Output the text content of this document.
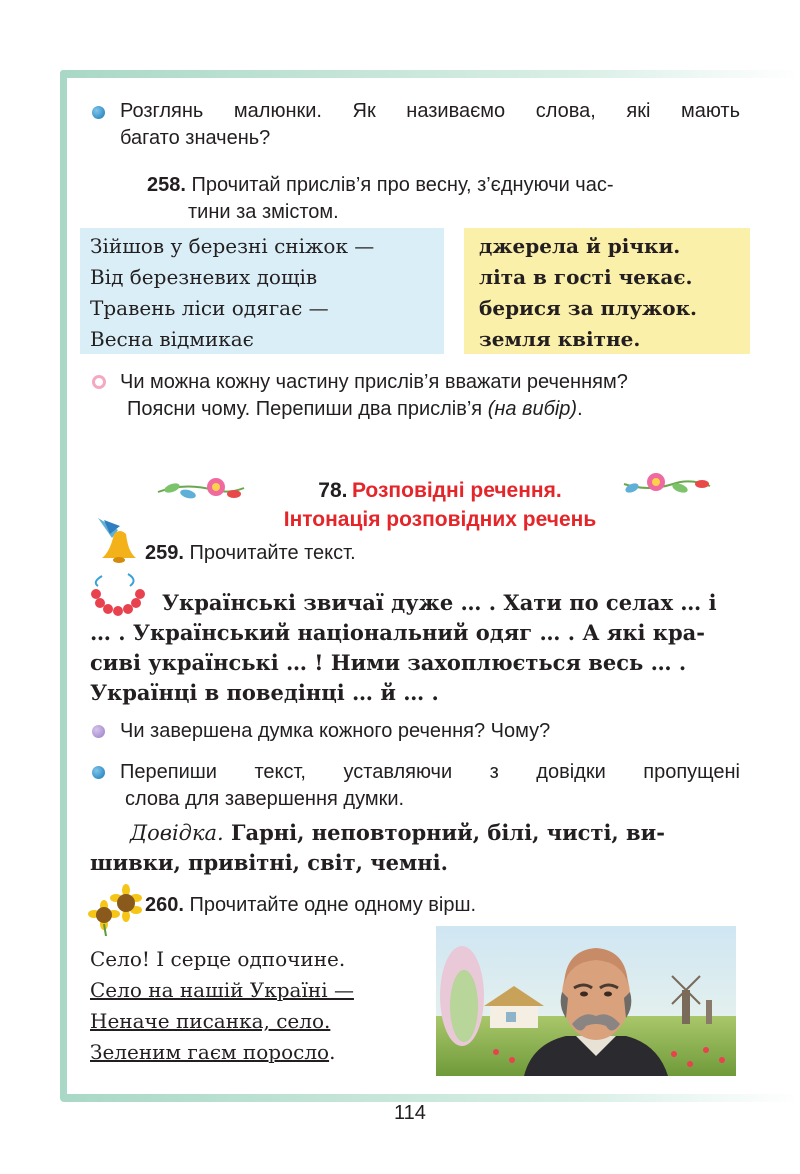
Розглянь малюнки. Як називаємо слова, які мають
багато значень?
258. Прочитай прислів’я про весну, з’єднуючи час-
тини за змістом.
Зійшов у березні сніжок —
Від березневих дощів
Травень ліси одягає —
Весна відмикає
джерела й річки.
літа в гості чекає.
берися за плужок.
земля квітне.
Чи можна кожну частину прислів’я вважати реченням?
Поясни чому. Перепиши два прислів’я (на вибір).
78. Розповідні речення.
Інтонація розповідних речень
259. Прочитайте текст.
Українські звичаї дуже … . Хати по селах … і
… . Український національний одяг … . А які кра-
сиві українські … ! Ними захоплюється весь … .
Українці в поведінці … й … .
Чи завершена думка кожного речення? Чому?
Перепиши текст, уставляючи з довідки пропущені
слова для завершення думки.
Довідка. Гарні, неповторний, білі, чисті, ви-
шивки, привітні, світ, чемні.
260. Прочитайте одне одному вірш.
Село! І серце одпочине.
Село на нашій Україні —
Неначе писанка, село.
Зеленим гаєм поросло.
114
